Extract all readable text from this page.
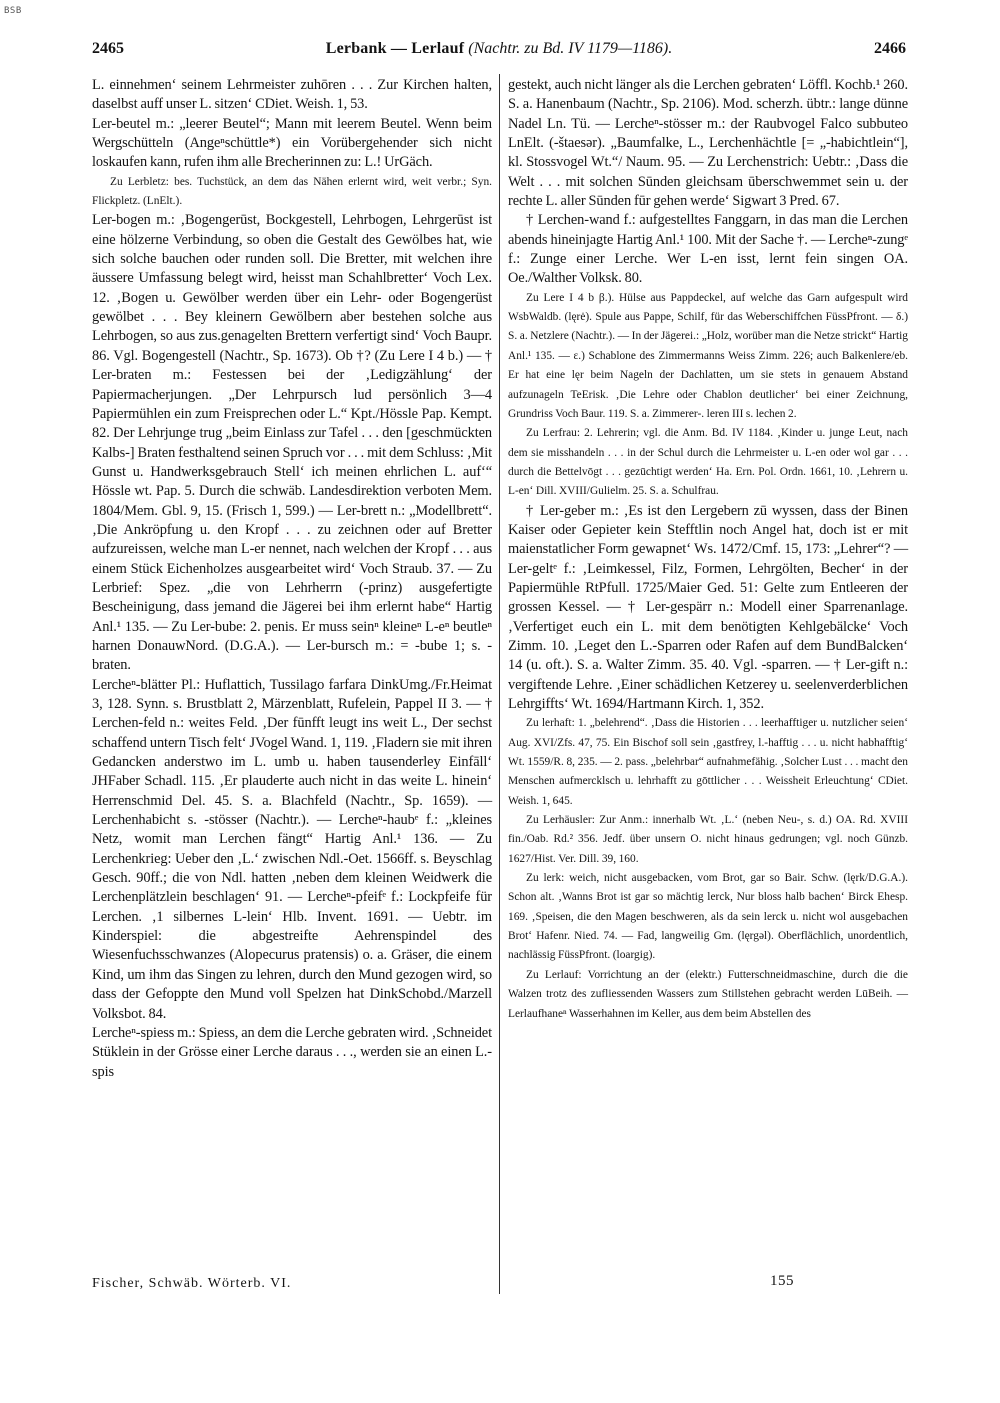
BSB
2465	Lerbank — Lerlauf (Nachtr. zu Bd. IV 1179—1186).	2466

L. einnehmen‘ seinem Lehrmeister zuhōren . . . Zur Kirchen halten, daselbst auff unser L. sitzen‘ CDiet. Weish. 1, 53.

Ler-beutel m.: „leerer Beutel“; Mann mit leerem Beutel. Wenn beim Wergschütteln (Angeⁿschüttle*) ein Vorübergehender sich nicht loskaufen kann, rufen ihm alle Brecherinnen zu: L.! UrGäch.

Zu Lerbletz: bes. Tuchstück, an dem das Nähen erlernt wird, weit verbr.; Syn. Flickpletz. (LnElt.).

Ler-bogen m.: ‚Bogengerūst, Bockgestell, Lehrbogen, Lehrgerūst ist eine hölzerne Verbindung, so oben die Gestalt des Gewölbes hat, wie sich solche bauchen oder runden soll. Die Bretter, mit welchen ihre äussere Umfassung belegt wird, heisst man Schahlbretter‘ Voch Lex. 12. ‚Bogen u. Gewölber werden über ein Lehr- oder Bogengerüst gewölbet . . . Bey kleinern Gewölbern aber bestehen solche aus Lehrbogen, so aus zus.genagelten Brettern verfertigt sind‘ Voch Baupr. 86. Vgl. Bogengestell (Nachtr., Sp. 1673). Ob †? (Zu Lere I 4 b.) — † Ler-braten m.: Festessen bei der ‚Ledigzählung‘ der Papiermacherjungen. „Der Lehrpursch lud persönlich 3—4 Papiermühlen ein zum Freisprechen oder L.“ Kpt./Hössle Pap. Kempt. 82. Der Lehrjunge trug „beim Einlass zur Tafel . . . den [geschmückten Kalbs-] Braten festhaltend seinen Spruch vor . . . mit dem Schluss: ‚Mit Gunst u. Handwerksgebrauch Stell‘ ich meinen ehrlichen L. auf‘“ Hössle wt. Pap. 5. Durch die schwäb. Landesdirektion verboten Mem. 1804/Mem. Gbl. 9, 15. (Frisch 1, 599.) — Ler-brett n.: „Modellbrett“. ‚Die Ankröpfung u. den Kropf . . . zu zeichnen oder auf Bretter aufzureissen, welche man L-er nennet, nach welchen der Kropf . . . aus einem Stück Eichenholzes ausgearbeitet wird‘ Voch Straub. 37. — Zu Lerbrief: Spez. „die von Lehrherrn (-prinz) ausgefertigte Bescheinigung, dass jemand die Jägerei bei ihm erlernt habe“ Hartig Anl.¹ 135. — Zu Ler-bube: 2. penis. Er muss seinⁿ kleineⁿ L-eⁿ beutleⁿ harnen DonauwNord. (D.G.A.). — Ler-bursch m.: = -bube 1; s. -braten.

Lercheⁿ-blätter Pl.: Huflattich, Tussilago farfara DinkUmg./Fr.Heimat 3, 128. Synn. s. Brustblatt 2, Märzenblatt, Rufelein, Pappel II 3. — † Lerchen-feld n.: weites Feld. ‚Der fūnfft leugt ins weit L., Der sechst schaffend untern Tisch felt‘ JVogel Wand. 1, 119. ‚Fladern sie mit ihren Gedancken anderstwo im L. umb u. haben tausenderley Einfāll‘ JHFaber Schadl. 115. ‚Er plauderte auch nicht in das weite L. hinein‘ Herrenschmid Del. 45. S. a. Blachfeld (Nachtr., Sp. 1659). — Lerchenhabicht s. -stösser (Nachtr.). — Lercheⁿ-haubᵉ f.: „kleines Netz, womit man Lerchen fängt“ Hartig Anl.¹ 136. — Zu Lerchenkrieg: Ueber den ‚L.‘ zwischen Ndl.-Oet. 1566ff. s. Beyschlag Gesch. 90ff.; die von Ndl. hatten ‚neben dem kleinen Weidwerk die Lerchenplätzlein beschlagen‘ 91. — Lercheⁿ-pfeifᵉ f.: Lockpfeife für Lerchen. ‚1 silbernes L-lein‘ Hlb. Invent. 1691. — Uebtr. im Kinderspiel: die abgestreifte Aehrenspindel des Wiesenfuchsschwanzes (Alopecurus pratensis) o. a. Gräser, die einem Kind, um ihm das Singen zu lehren, durch den Mund gezogen wird, so dass der Gefoppte den Mund voll Spelzen hat DinkSchobd./Marzell Volksbot. 84.

Lercheⁿ-spiess m.: Spiess, an dem die Lerche gebraten wird. ‚Schneidet Stüklein in der Grösse einer Lerche daraus . . ., werden sie an einen L.-spis

gestekt, auch nicht länger als die Lerchen gebraten‘ Löffl. Kochb.¹ 260. S. a. Hanenbaum (Nachtr., Sp. 2106). Mod. scherzh. übtr.: lange dünne Nadel Ln. Tü. — Lercheⁿ-stösser m.: der Raubvogel Falco subbuteo LnElt. (-štaesər). „Baumfalke, L., Lerchenhächtle [= „-habichtlein“], kl. Stossvogel Wt.“/ Naum. 95. — Zu Lerchenstrich: Uebtr.: ‚Dass die Welt . . . mit solchen Sūnden gleichsam ūberschwemmet sein u. der rechte L. aller Sūnden fūr gehen werde‘ Sigwart 3 Pred. 67.

† Lerchen-wand f.: aufgestelltes Fanggarn, in das man die Lerchen abends hineinjagte Hartig Anl.¹ 100. Mit der Sache †. — Lercheⁿ-zungᵉ f.: Zunge einer Lerche. Wer L-en isst, lernt fein singen OA. Oe./Walther Volksk. 80.

Zu Lere I 4 b β.). Hülse aus Pappdeckel, auf welche das Garn aufgespult wird WsbWaldb. (lęrė). Spule aus Pappe, Schilf, für das Weberschiffchen FüssPfront. — δ.) S. a. Netzlere (Nachtr.). — In der Jägerei.: „Holz, worüber man die Netze strickt“ Hartig Anl.¹ 135. — ε.) Schablone des Zimmermanns Weiss Zimm. 226; auch Balkenlere/eb. Er hat eine lęr beim Nageln der Dachlatten, um sie stets in genauem Abstand aufzunageln TeErisk. ‚Die Lehre oder Chablon deutlicher‘ bei einer Zeichnung, Grundriss Voch Baur. 119. S. a. Zimmerer-. leren III s. lechen 2.

Zu Lerfrau: 2. Lehrerin; vgl. die Anm. Bd. IV 1184. ‚Kinder u. junge Leut, nach dem sie misshandeln . . . in der Schul durch die Lehrmeister u. L-en oder wol gar . . . durch die Bettelvōgt . . . gezūchtigt werden‘ Ha. Ern. Pol. Ordn. 1661, 10. ‚Lehrern u. L-en‘ Dill. XVIII/Gulielm. 25. S. a. Schulfrau.

† Ler-geber m.: ‚Es ist den Lergebern zū wyssen, dass der Binen Kaiser oder Gepieter kein Stefftlin noch Angel hat, doch ist er mit maienstatlicher Form gewapnet‘ Ws. 1472/Cmf. 15, 173: „Lehrer“? — Ler-geltᵉ f.: ‚Leimkessel, Filz, Formen, Lehrgölten, Becher‘ in der Papiermühle RtPfull. 1725/Maier Ged. 51: Gelte zum Entleeren der grossen Kessel. — † Ler-gespärr n.: Modell einer Sparrenanlage. ‚Verfertiget euch ein L. mit dem benötigten Kehlgebälcke‘ Voch Zimm. 10. ‚Leget den L.-Sparren oder Rafen auf dem BundBalcken‘ 14 (u. oft.). S. a. Walter Zimm. 35. 40. Vgl. -sparren. — † Ler-gift n.: vergiftende Lehre. ‚Einer schädlichen Ketzerey u. seelenverderblichen Lehrgiffts‘ Wt. 1694/Hartmann Kirch. 1, 352.

Zu lerhaft: 1. „belehrend“. ‚Dass die Historien . . . leerhafftiger u. nutzlicher seien‘ Aug. XVI/Zfs. 47, 75. Ein Bischof soll sein ‚gastfrey, l.-hafftig . . . u. nicht habhafftig‘ Wt. 1559/R. 8, 235. — 2. pass. „belehrbar“ aufnahmefähig. ‚Solcher Lust . . . macht den Menschen aufmercklsch u. lehrhafft zu gōttlicher . . . Weissheit Erleuchtung‘ CDiet. Weish. 1, 645.

Zu Lerhäusler: Zur Anm.: innerhalb Wt. ‚L.‘ (neben Neu-, s. d.) OA. Rd. XVIII fin./Oab. Rd.² 356. Jedf. über unsern O. nicht hinaus gedrungen; vgl. noch Günzb. 1627/Hist. Ver. Dill. 39, 160.

Zu lerk: weich, nicht ausgebacken, vom Brot, gar so Bair. Schw. (lęrk/D.G.A.). Schon alt. ‚Wanns Brot ist gar so mächtig lerck, Nur bloss halb bachen‘ Birck Ehesp. 169. ‚Speisen, die den Magen beschweren, als da sein lerck u. nicht wol ausgebachen Brot‘ Hafenr. Nied. 74. — Fad, langweilig Gm. (lęrgəl). Oberflächlich, unordentlich, nachlässig FüssPfront. (loargig).

Zu Lerlauf: Vorrichtung an der (elektr.) Futterschneidmaschine, durch die die Walzen trotz des zufliessenden Wassers zum Stillstehen gebracht werden LūBeih. — Lerlaufhaneⁿ Wasserhahnen im Keller, aus dem beim Abstellen des

Fischer, Schwäb. Wörterb. VI.	155
